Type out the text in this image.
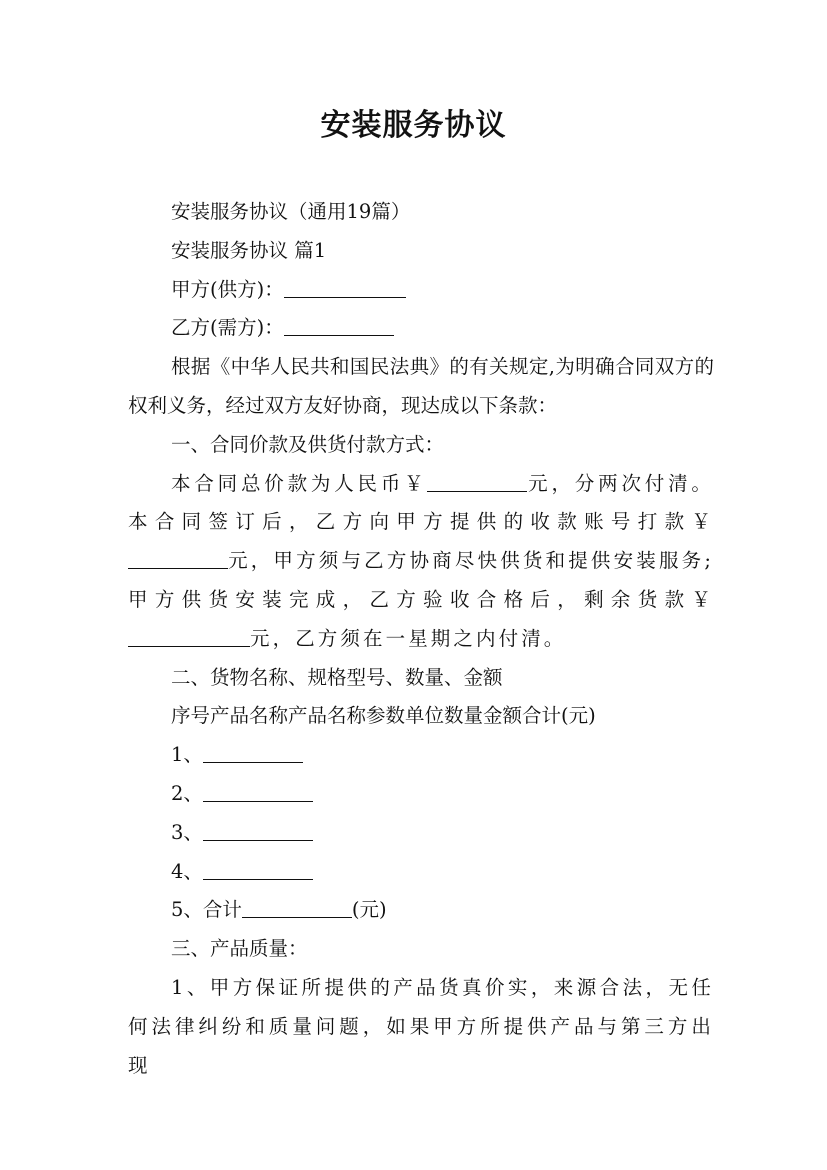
安装服务协议

安装服务协议（通用19篇）

安装服务协议 篇1

甲方(供方)：

乙方(需方)：

根据《中华人民共和国民法典》的有关规定,为明确合同双方的权利义务，经过双方友好协商，现达成以下条款：

一、合同价款及供货付款方式：

本合同总价款为人民币￥	元，分两次付清。本合同签订后，乙方向甲方提供的收款账号打款￥元，甲方须与乙方协商尽快供货和提供安装服务;甲方供货安装完成，乙方验收合格后，剩余货款￥元，乙方须在一星期之内付清。

二、货物名称、规格型号、数量、金额

序号产品名称产品名称参数单位数量金额合计(元)

1、

2、

3、

4、

5、合计	(元)

三、产品质量：

1、甲方保证所提供的产品货真价实，来源合法，无任何法律纠纷和质量问题，如果甲方所提供产品与第三方出现
